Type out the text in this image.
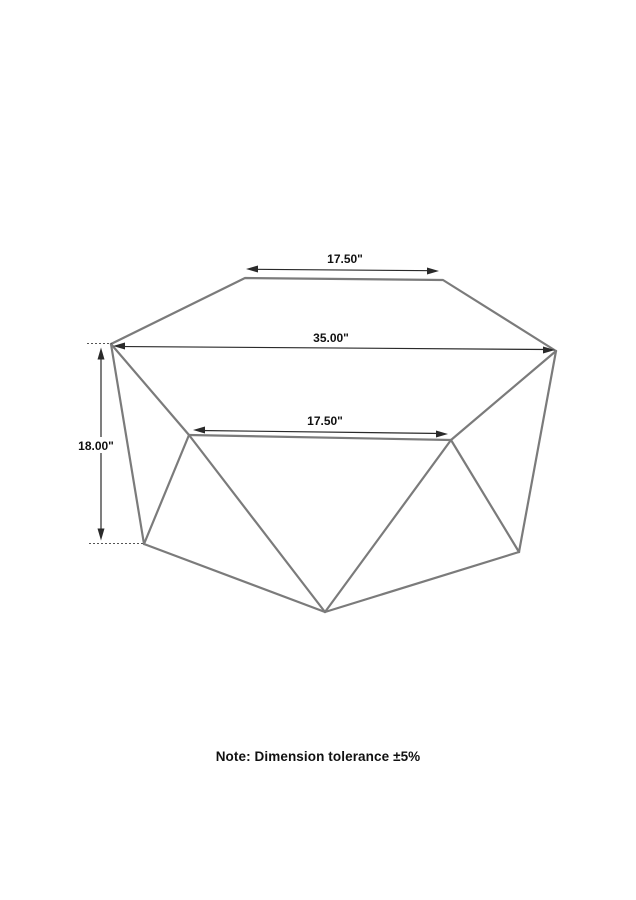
17.50"
35.00"
17.50"
18.00"
Note: Dimension tolerance ±5%
